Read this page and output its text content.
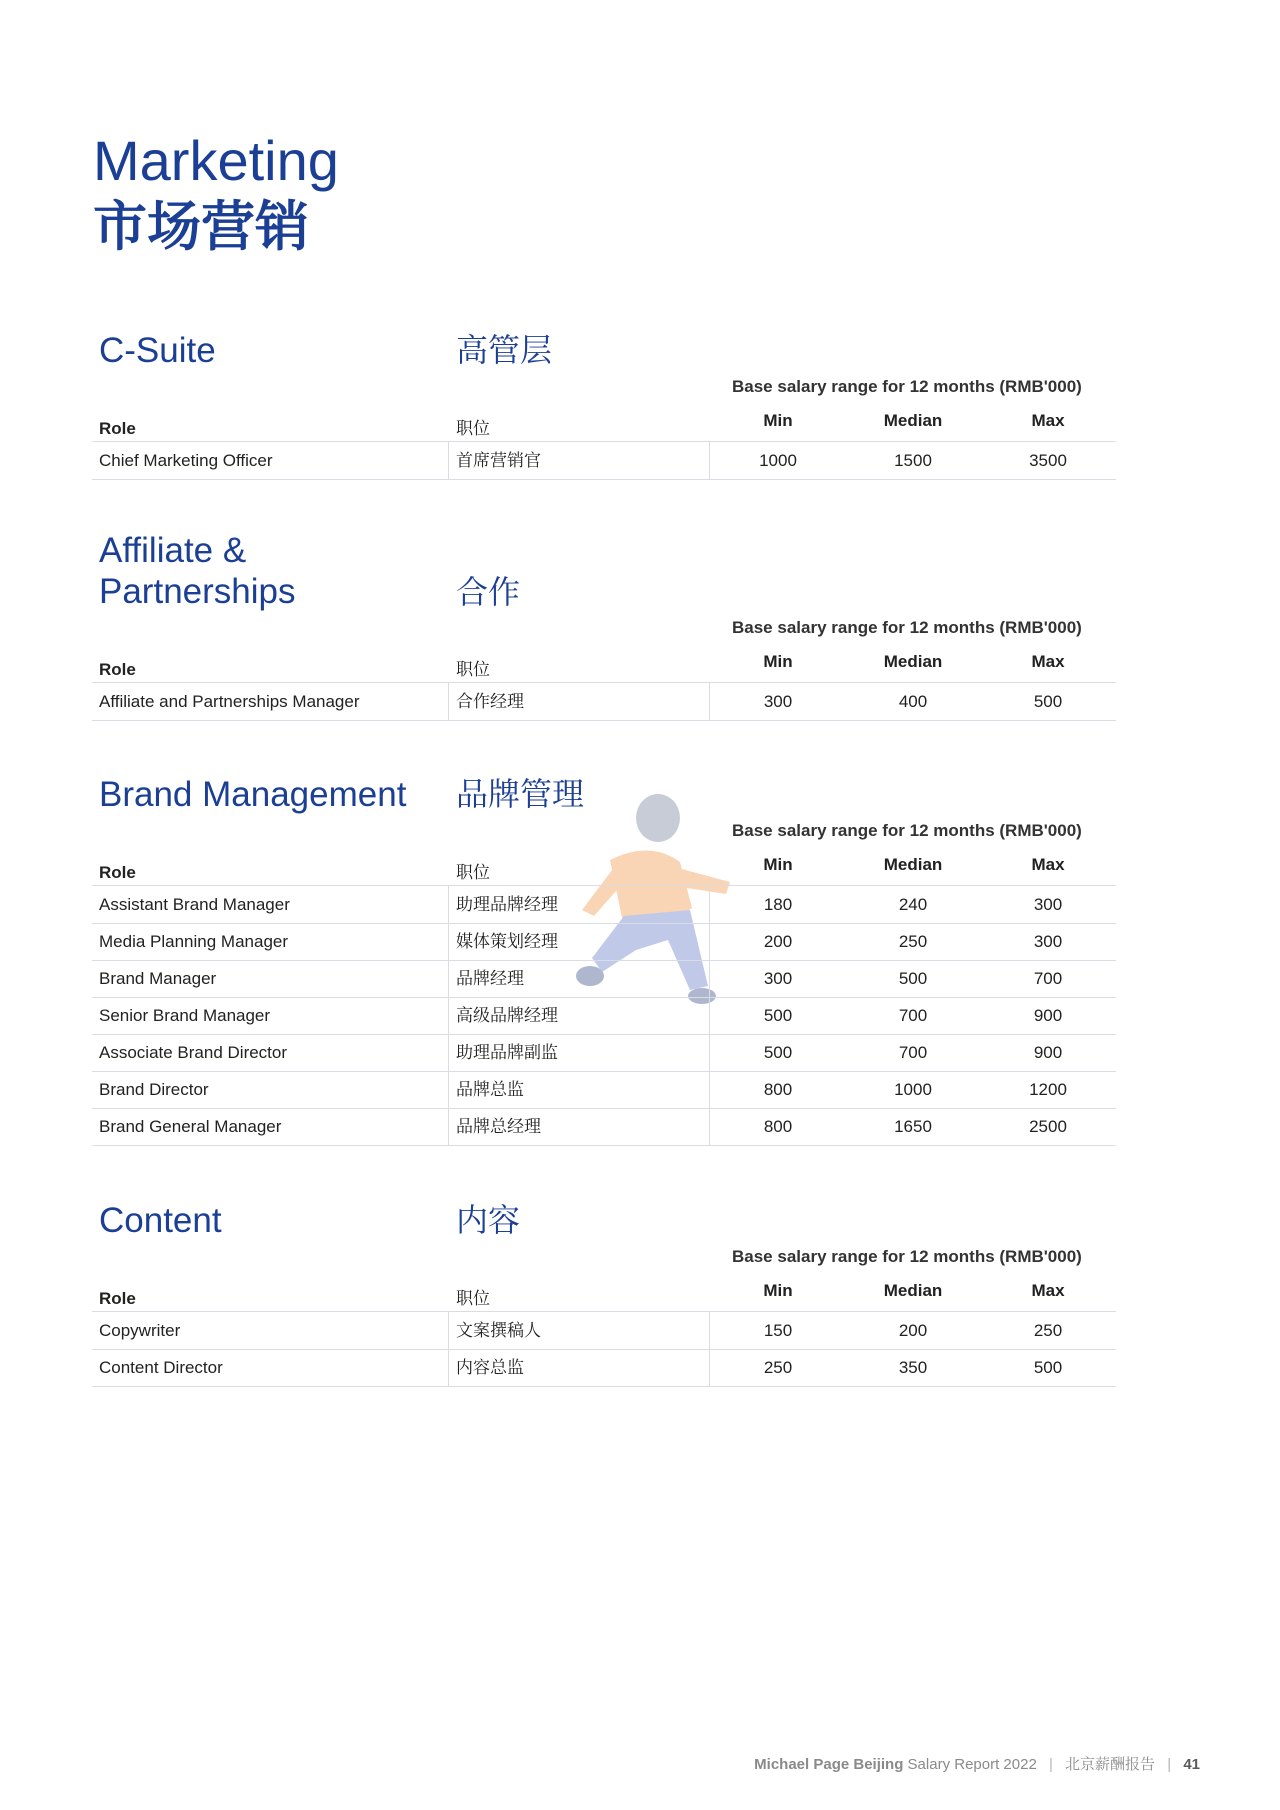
Marketing
市场营销
C-Suite	高管层
Base salary range for 12 months (RMB'000)
Role	职位	Min	Median	Max
Chief Marketing Officer	首席营销官	1000	1500	3500
Affiliate &
Partnerships	合作
Base salary range for 12 months (RMB'000)
Role	职位	Min	Median	Max
Affiliate and Partnerships Manager	合作经理	300	400	500
Brand Management 品牌管理
Base salary range for 12 months (RMB'000)
Role	职位	Min	Median	Max
Assistant Brand Manager	助理品牌经理	180	240	300
Media Planning Manager	媒体策划经理	200	250	300
Brand Manager	品牌经理	300	500	700
Senior Brand Manager	高级品牌经理	500	700	900
Associate Brand Director	助理品牌副监	500	700	900
Brand Director	品牌总监	800	1000	1200
Brand General Manager	品牌总经理	800	1650	2500
Content	内容
Base salary range for 12 months (RMB'000)
Role	职位	Min	Median	Max
Copywriter	文案撰稿人	150	200	250
Content Director	内容总监	250	350	500
Michael Page Beijing Salary Report 2022 | 北京薪酬报告 | 41
